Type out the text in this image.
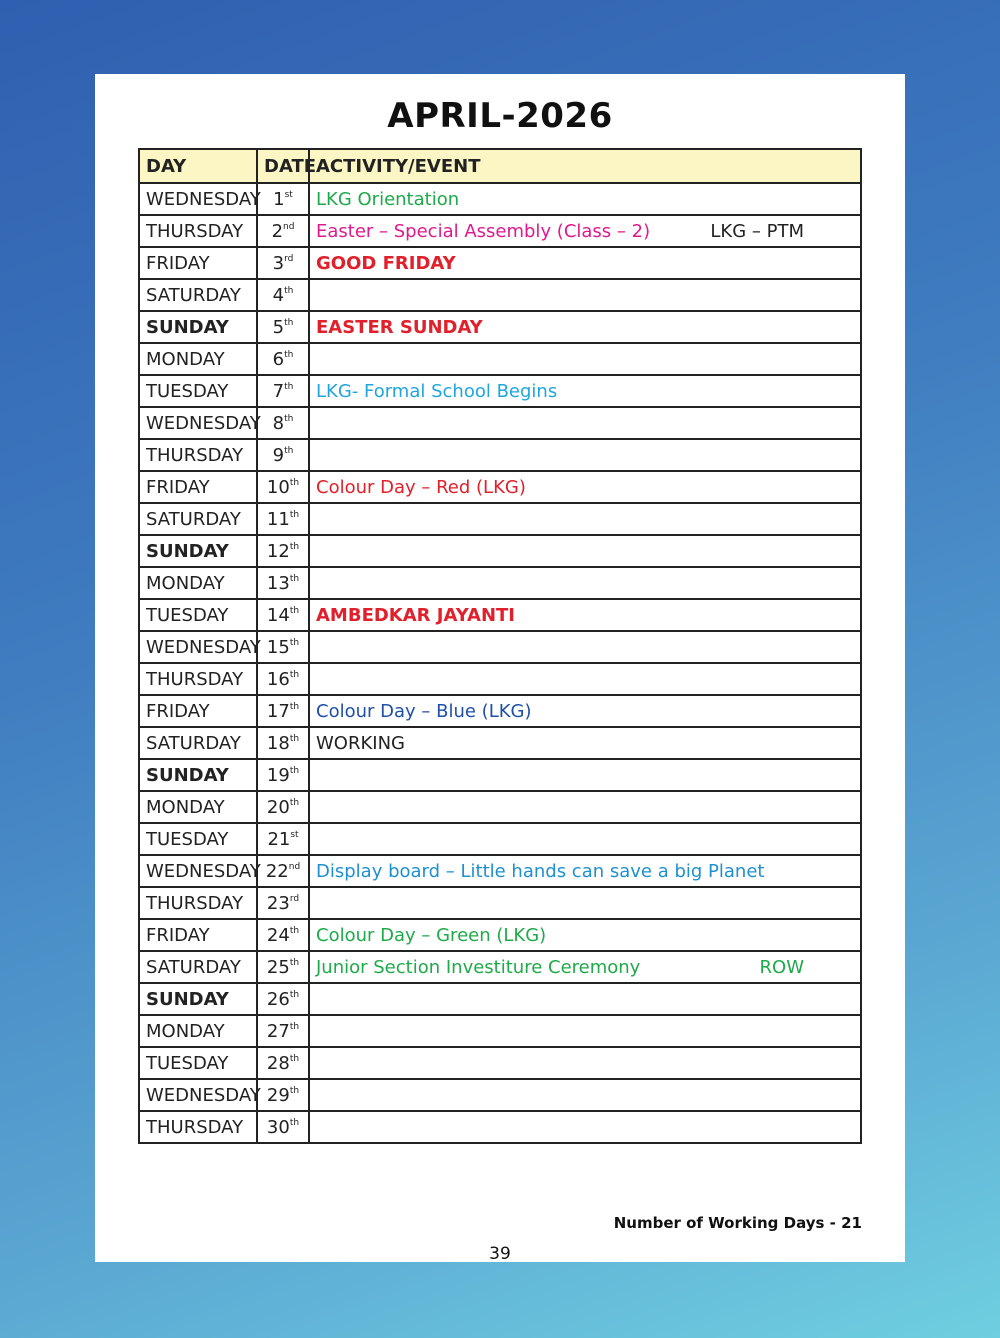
APRIL-2026
DAY	DATE	ACTIVITY/EVENT
WEDNESDAY	1st	LKG Orientation

THURSDAY	2nd	Easter – Special Assembly (Class – 2) LKG – PTM

FRIDAY	3rd	GOOD FRIDAY

SATURDAY	4th	

SUNDAY	5th	EASTER SUNDAY

MONDAY	6th	

TUESDAY	7th	LKG- Formal School Begins

WEDNESDAY	8th	

THURSDAY	9th	

FRIDAY	10th	Colour Day – Red (LKG)

SATURDAY	11th	

SUNDAY	12th	

MONDAY	13th	

TUESDAY	14th	AMBEDKAR JAYANTI

WEDNESDAY	15th	

THURSDAY	16th	

FRIDAY	17th	Colour Day – Blue (LKG)

SATURDAY	18th	WORKING

SUNDAY	19th	

MONDAY	20th	

TUESDAY	21st	

WEDNESDAY	22nd	Display board – Little hands can save a big Planet

THURSDAY	23rd	

FRIDAY	24th	Colour Day – Green (LKG)

SATURDAY	25th	Junior Section Investiture Ceremony ROW

SUNDAY	26th	

MONDAY	27th	

TUESDAY	28th	

WEDNESDAY	29th	

THURSDAY	30th	
Number of Working Days - 21
39
